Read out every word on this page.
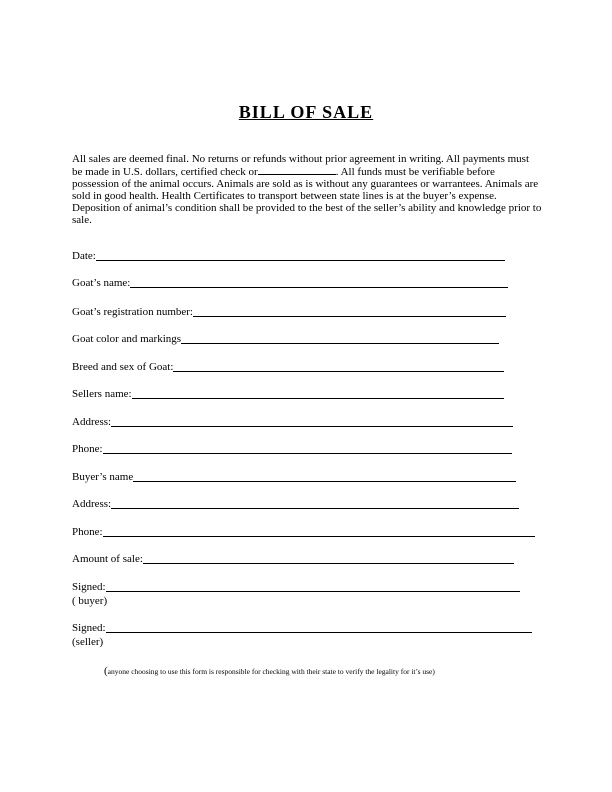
BILL OF SALE
All sales are deemed final. No returns or refunds without prior agreement in writing. All payments must be made in U.S. dollars, certified check or	. All funds must be verifiable before possession of the animal occurs. Animals are sold as is without any guarantees or warrantees. Animals are sold in good health. Health Certificates to transport between state lines is at the buyer’s expense. Deposition of animal’s condition shall be provided to the best of the seller’s ability and knowledge prior to sale.
Date:
Goat’s name:
Goat’s registration number:
Goat color and markings
Breed and sex of Goat:
Sellers name:
Address:
Phone:
Buyer’s name
Address:
Phone:
Amount of sale:
Signed:
( buyer)
Signed:
(seller)
(anyone choosing to use this form is responsible for checking with their state to verify the legality for it’s use)
